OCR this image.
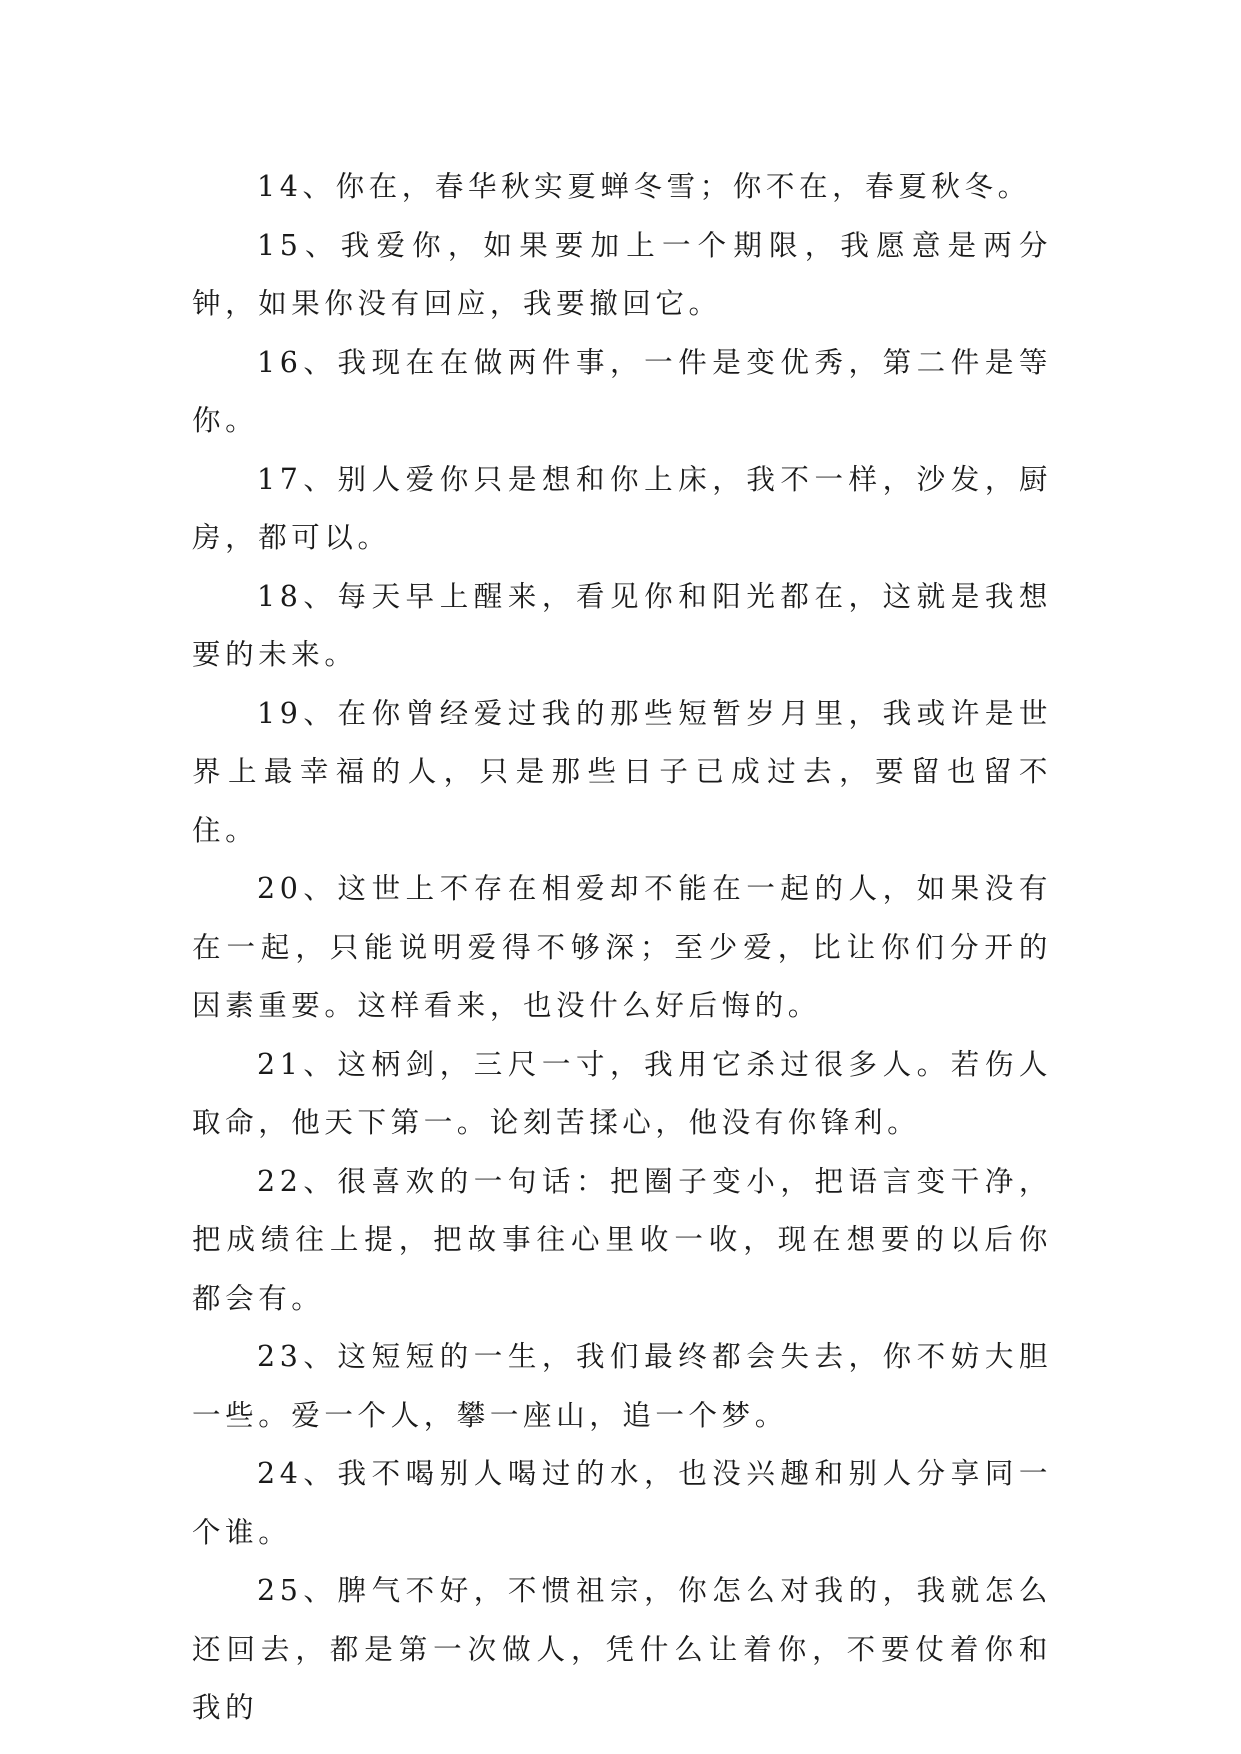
14、你在，春华秋实夏蝉冬雪；你不在，春夏秋冬。

15、我爱你，如果要加上一个期限，我愿意是两分钟，如果你没有回应，我要撤回它。

16、我现在在做两件事，一件是变优秀，第二件是等你。

17、别人爱你只是想和你上床，我不一样，沙发，厨房，都可以。

18、每天早上醒来，看见你和阳光都在，这就是我想要的未来。

19、在你曾经爱过我的那些短暂岁月里，我或许是世界上最幸福的人，只是那些日子已成过去，要留也留不住。

20、这世上不存在相爱却不能在一起的人，如果没有在一起，只能说明爱得不够深；至少爱，比让你们分开的因素重要。这样看来，也没什么好后悔的。

21、这柄剑，三尺一寸，我用它杀过很多人。若伤人取命，他天下第一。论刻苦揉心，他没有你锋利。

22、很喜欢的一句话：把圈子变小，把语言变干净，把成绩往上提，把故事往心里收一收，现在想要的以后你都会有。

23、这短短的一生，我们最终都会失去，你不妨大胆一些。爱一个人，攀一座山，追一个梦。

24、我不喝别人喝过的水，也没兴趣和别人分享同一个谁。

25、脾气不好，不惯祖宗，你怎么对我的，我就怎么还回去，都是第一次做人，凭什么让着你，不要仗着你和我的
